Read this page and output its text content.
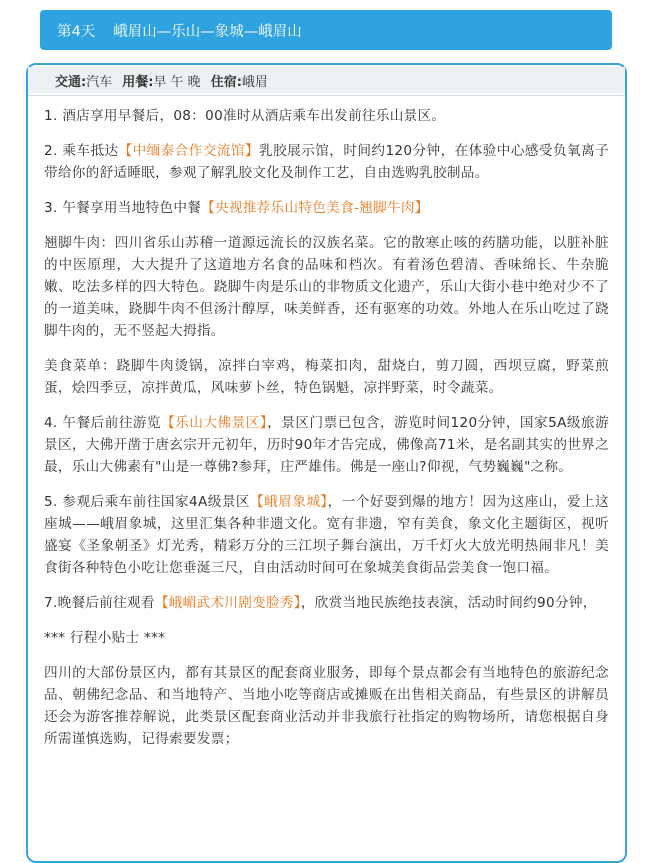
第4天 峨眉山—乐山—象城—峨眉山
交通: 汽车 用餐: 早 午 晚 住宿: 峨眉

1. 酒店享用早餐后，08：00准时从酒店乘车出发前往乐山景区。

2. 乘车抵达【中缅泰合作交流馆】乳胶展示馆，时间约120分钟，在体验中心感受负氧离子带给你的舒适睡眠，参观了解乳胶文化及制作工艺，自由选购乳胶制品。

3. 午餐享用当地特色中餐【央视推荐乐山特色美食-翘脚牛肉】

翘脚牛肉：四川省乐山苏稽一道源远流长的汉族名菜。它的散寒止咳的药膳功能，以脏补脏的中医原理，大大提升了这道地方名食的品味和档次。有着汤色碧清、香味绵长、牛杂脆嫩、吃法多样的四大特色。跷脚牛肉是乐山的非物质文化遗产，乐山大街小巷中绝对少不了的一道美味，跷脚牛肉不但汤汁醇厚，味美鲜香，还有驱寒的功效。外地人在乐山吃过了跷脚牛肉的，无不竖起大拇指。

美食菜单：跷脚牛肉烫锅，凉拌白宰鸡，梅菜扣肉，甜烧白，剪刀圆，西坝豆腐，野菜煎蛋，烩四季豆，凉拌黄瓜，风味萝卜丝，特色锅魁，凉拌野菜，时令蔬菜。

4. 午餐后前往游览【乐山大佛景区】，景区门票已包含，游览时间120分钟，国家5A级旅游景区，大佛开凿于唐玄宗开元初年，历时90年才告完成，佛像高71米，是名副其实的世界之最，乐山大佛素有"山是一尊佛?参拜，庄严雄伟。佛是一座山?仰视，气势巍巍"之称。

5. 参观后乘车前往国家4A级景区【峨眉象城】，一个好耍到爆的地方！因为这座山，爱上这座城——峨眉象城，这里汇集各种非遗文化。宽有非遗，窄有美食，象文化主题街区，视听盛宴《圣象朝圣》灯光秀，精彩万分的三江坝子舞台演出，万千灯火大放光明热闹非凡！美食街各种特色小吃让您垂涎三尺，自由活动时间可在象城美食街品尝美食一饱口福。

7.晚餐后前往观看【峨嵋武术川剧变脸秀】，欣赏当地民族绝技表演，活动时间约90分钟，

*** 行程小贴士 ***

四川的大部份景区内，都有其景区的配套商业服务，即每个景点都会有当地特色的旅游纪念品、朝佛纪念品、和当地特产、当地小吃等商店或摊贩在出售相关商品，有些景区的讲解员还会为游客推荐解说，此类景区配套商业活动并非我旅行社指定的购物场所，请您根据自身所需谨慎选购，记得索要发票；
